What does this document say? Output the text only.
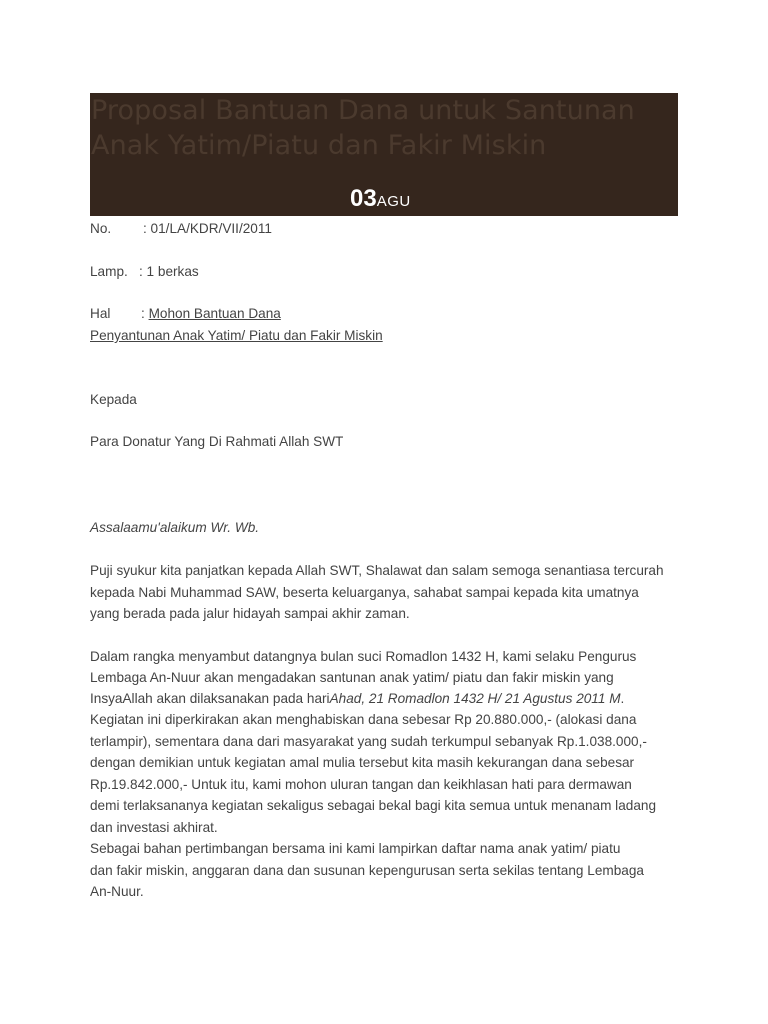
Proposal Bantuan Dana untuk Santunan Anak Yatim/Piatu dan Fakir Miskin
03AGU
No. : 01/LA/KDR/VII/2011
Lamp. : 1 berkas
Hal : Mohon Bantuan Dana
Penyantunan Anak Yatim/ Piatu dan Fakir Miskin
Kepada
Para Donatur Yang Di Rahmati Allah SWT
Assalaamu'alaikum Wr. Wb.
Puji syukur kita panjatkan kepada Allah SWT, Shalawat dan salam semoga senantiasa tercurah
kepada Nabi Muhammad SAW, beserta keluarganya, sahabat sampai kepada kita umatnya
yang berada pada jalur hidayah sampai akhir zaman.
Dalam rangka menyambut datangnya bulan suci Romadlon 1432 H, kami selaku Pengurus
Lembaga An-Nuur akan mengadakan santunan anak yatim/ piatu dan fakir miskin yang
InsyaAllah akan dilaksanakan pada hariAhad, 21 Romadlon 1432 H/ 21 Agustus 2011 M.
Kegiatan ini diperkirakan akan menghabiskan dana sebesar Rp 20.880.000,- (alokasi dana
terlampir), sementara dana dari masyarakat yang sudah terkumpul sebanyak Rp.1.038.000,-
dengan demikian untuk kegiatan amal mulia tersebut kita masih kekurangan dana sebesar
Rp.19.842.000,- Untuk itu, kami mohon uluran tangan dan keikhlasan hati para dermawan
demi terlaksananya kegiatan sekaligus sebagai bekal bagi kita semua untuk menanam ladang
dan investasi akhirat.
Sebagai bahan pertimbangan bersama ini kami lampirkan daftar nama anak yatim/ piatu
dan fakir miskin, anggaran dana dan susunan kepengurusan serta sekilas tentang Lembaga
An-Nuur.
